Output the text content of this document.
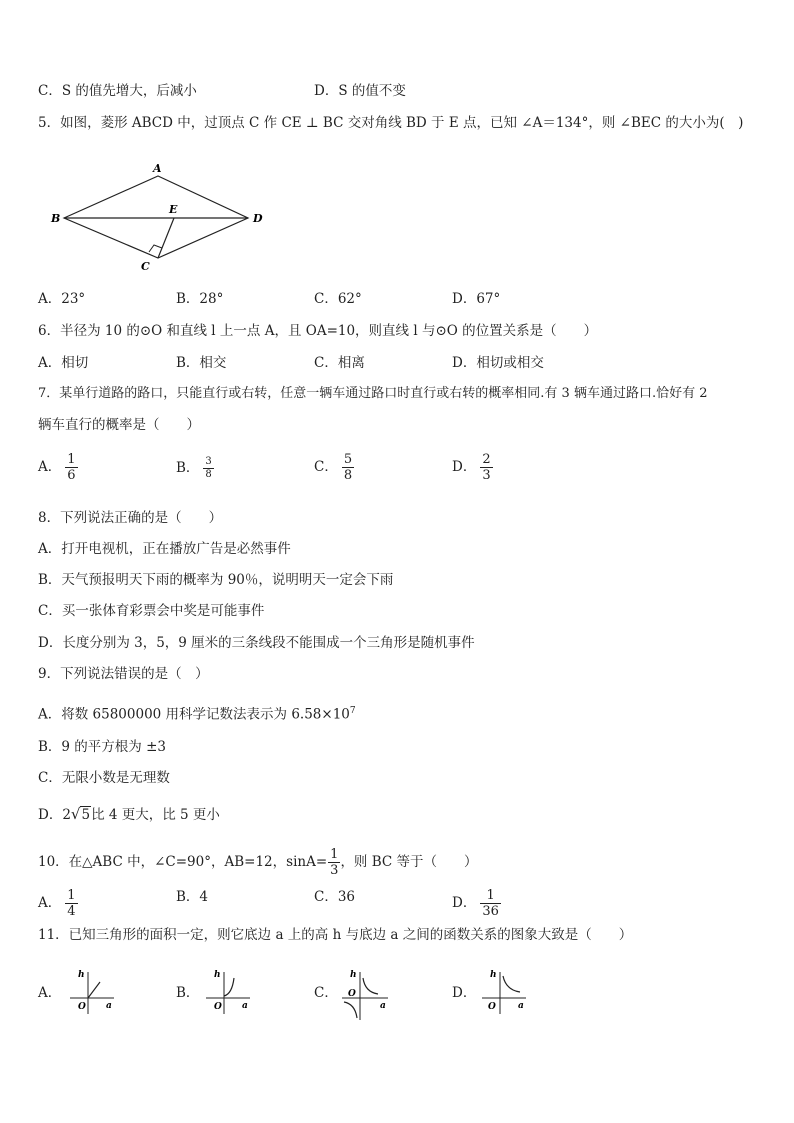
C．S 的值先增大，后减小	D．S 的值不变
5．如图，菱形 ABCD 中，过顶点 C 作 CE ⊥ BC 交对角线 BD 于 E 点，已知 ∠A＝134°，则 ∠BEC 的大小为(　)
A
B
C
D
E
A．23°	B．28°	C．62°	D．67°
6．半径为 10 的⊙O 和直线 l 上一点 A，且 OA=10，则直线 l 与⊙O 的位置关系是（　　）
A．相切	B．相交	C．相离	D．相切或相交
7．某单行道路的路口，只能直行或右转，任意一辆车通过路口时直行或右转的概率相同.有 3 辆车通过路口.恰好有 2
辆车直行的概率是（　　）
A． $\frac{1}{6}$	B． $\frac{3}{8}$	C． $\frac{5}{8}$	D． $\frac{2}{3}$
8．下列说法正确的是（　　）
A．打开电视机，正在播放广告是必然事件
B．天气预报明天下雨的概率为 90％，说明明天一定会下雨
C．买一张体育彩票会中奖是可能事件
D．长度分别为 3，5，9 厘米的三条线段不能围成一个三角形是随机事件
9．下列说法错误的是（　）
A．将数 65800000 用科学记数法表示为 $6.58\times 10^7$
B．9 的平方根为 ±3
C．无限小数是无理数
D．2√5比 4 更大，比 5 更小
10．在△ABC 中，∠C=90°，AB=12，$\sin A= \frac{1}{3}$ ，则 BC 等于（　　）
A． $\frac{1}{4}$	B．4	C．36	D． $\frac{1}{36}$
11．已知三角形的面积一定，则它底边 a 上的高 h 与底边 a 之间的函数关系的图象大致是（　　）
A．
h
a
O
B．
h
a
O
C．
h
a
O	D．
h
a
O
